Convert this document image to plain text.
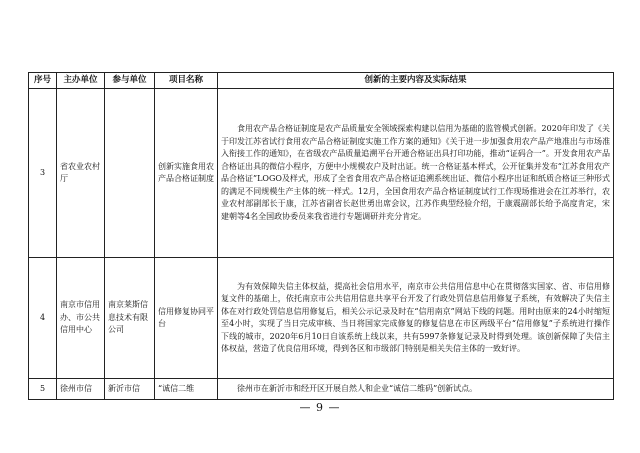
序号	主办单位	参与单位	项目名称	创新的主要内容及实际结果
3	省农业农村厅		创新实施食用农产品合格证制度	食用农产品合格证制度是农产品质量安全领域探索构建以信用为基础的监管模式创新。2020年印发了《关于印发江苏省试行食用农产品合格证制度实施工作方案的通知》《关于进一步加强食用农产品产地准出与市场准入衔接工作的通知》，在省级农产品质量追溯平台开通合格证出具打印功能，推动“证码合一”。开发食用农产品合格证出具的微信小程序，方便中小规模农户及时出证。统一合格证基本样式，公开征集并发布“江苏食用农产品合格证”LOGO及样式，形成了全省食用农产品合格证追溯系统出证、微信小程序出证和纸质合格证三种形式的满足不同规模生产主体的统一样式。12月，全国食用农产品合格证制度试行工作现场推进会在江苏举行，农业农村部副部长于康，江苏省副省长赵世勇出席会议，江苏作典型经验介绍，于康震副部长给予高度肯定，宋建朝等4名全国政协委员来我省进行专题调研并充分肯定。
4	南京市信用办、市公共信用中心	南京莱斯信息技术有限公司	信用修复协同平台	为有效保障失信主体权益，提高社会信用水平，南京市公共信用信息中心在贯彻落实国家、省、市信用修复文件的基础上，依托南京市公共信用信息共享平台开发了行政处罚信息信用修复子系统，有效解决了失信主体在对行政处罚信息信用修复后，相关公示记录及时在“信用南京”网站下线的问题。用时由原来的24小时缩短至4小时，实现了当日完成审核、当日将国家完成修复的修复信息在市区两级平台“信用修复”子系统进行操作下线的城市，2020年6月10日自该系统上线以来，共有5997条修复记录及时得到处理。该创新保障了失信主体权益，营造了优良信用环境，得到各区和市级部门特别是相关失信主体的一致好评。
5	徐州市信	新沂市信	“诚信二维	徐州市在新沂市和经开区开展自然人和企业“诚信二维码”创新试点。
— 9 —
